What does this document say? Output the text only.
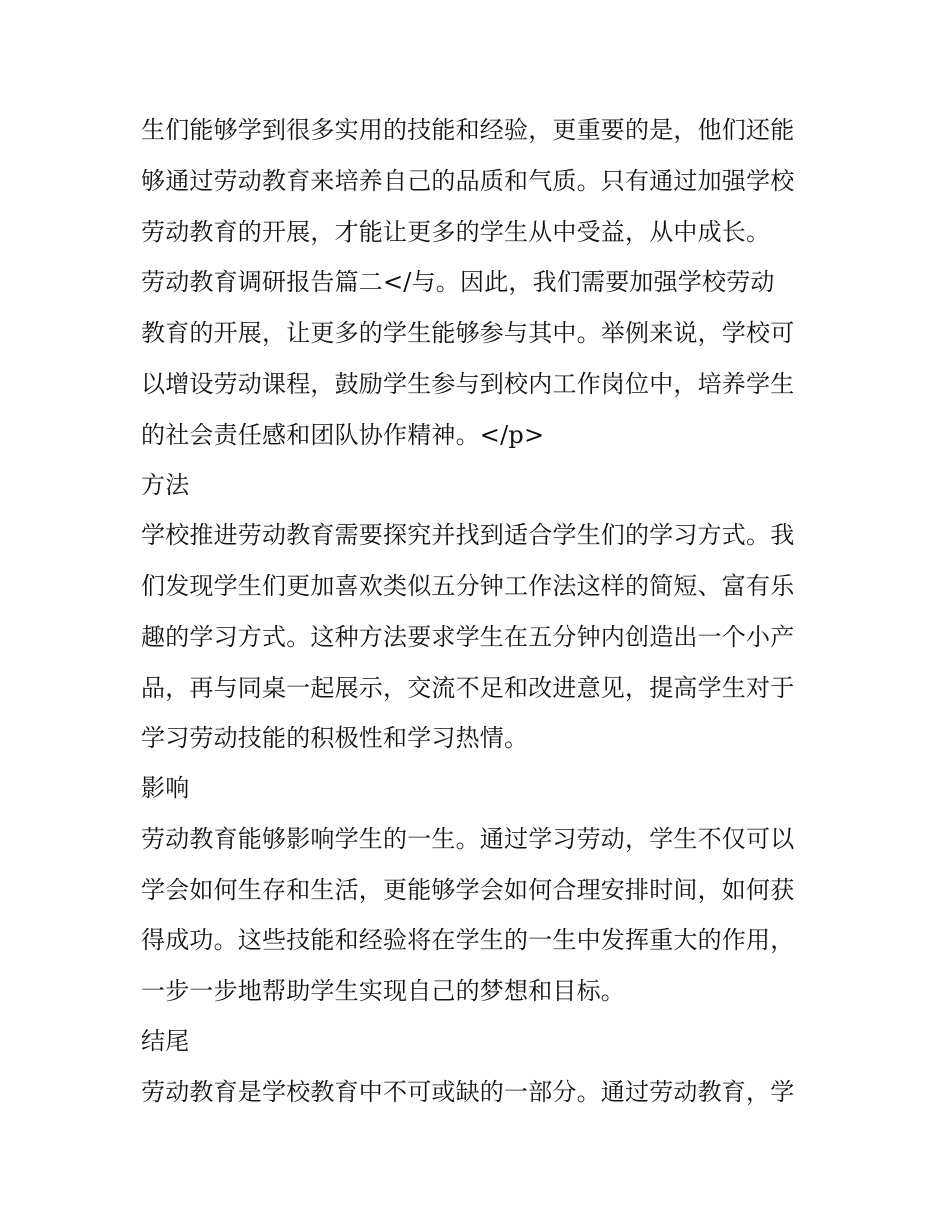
生们能够学到很多实用的技能和经验，更重要的是，他们还能
够通过劳动教育来培养自己的品质和气质。只有通过加强学校
劳动教育的开展，才能让更多的学生从中受益，从中成长。
劳动教育调研报告篇二</与。因此，我们需要加强学校劳动
教育的开展，让更多的学生能够参与其中。举例来说，学校可
以增设劳动课程，鼓励学生参与到校内工作岗位中，培养学生
的社会责任感和团队协作精神。</p>
方法
学校推进劳动教育需要探究并找到适合学生们的学习方式。我
们发现学生们更加喜欢类似五分钟工作法这样的简短、富有乐
趣的学习方式。这种方法要求学生在五分钟内创造出一个小产
品，再与同桌一起展示，交流不足和改进意见，提高学生对于
学习劳动技能的积极性和学习热情。
影响
劳动教育能够影响学生的一生。通过学习劳动，学生不仅可以
学会如何生存和生活，更能够学会如何合理安排时间，如何获
得成功。这些技能和经验将在学生的一生中发挥重大的作用，
一步一步地帮助学生实现自己的梦想和目标。
结尾
劳动教育是学校教育中不可或缺的一部分。通过劳动教育，学
